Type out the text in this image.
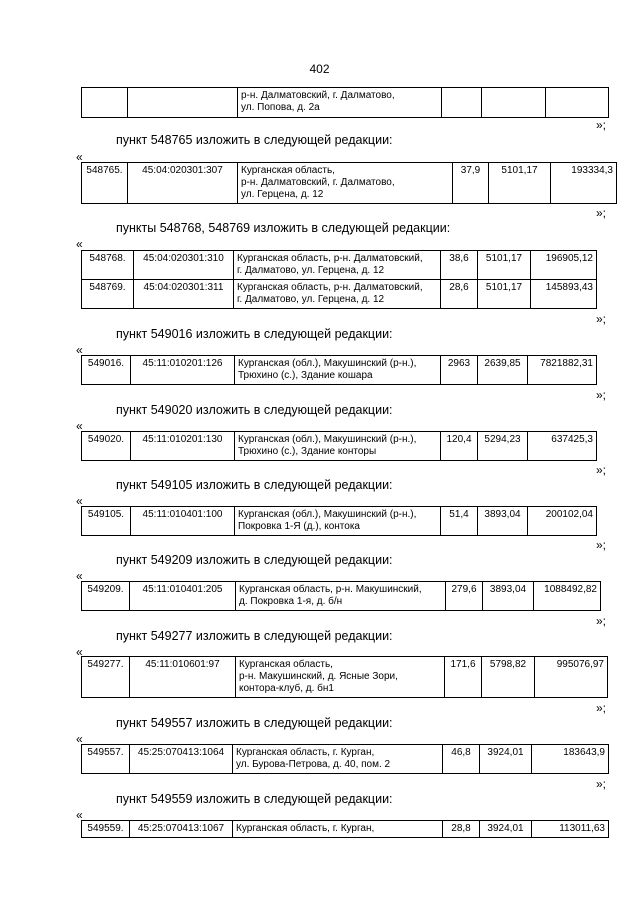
402

р-н. Далматовский, г. Далматово,
ул. Попова, д. 2а

»;
пункт 548765 изложить в следующей редакции:
«
548765.	45:04:020301:307	Курганская область,
р-н. Далматовский, г. Далматово,
ул. Герцена, д. 12
	37,9	5101,17	193334,3
»;
пункты 548768, 548769 изложить в следующей редакции:
«
548768.	45:04:020301:310	Курганская область, р-н. Далматовский,
г. Далматово, ул. Герцена, д. 12	38,6	5101,17	196905,12
548769.	45:04:020301:311	Курганская область, р-н. Далматовский,
г. Далматово, ул. Герцена, д. 12	28,6	5101,17	145893,43
»;
пункт 549016 изложить в следующей редакции:
«
549016.	45:11:010201:126	Курганская (обл.), Макушинский (р-н.),
Трюхино (с.), Здание кошара
	2963	2639,85	7821882,31
»;
пункт 549020 изложить в следующей редакции:
«
549020.	45:11:010201:130	Курганская (обл.), Макушинский (р-н.),
Трюхино (с.), Здание конторы
	120,4	5294,23	637425,3
»;
пункт 549105 изложить в следующей редакции:
«
549105.	45:11:010401:100	Курганская (обл.), Макушинский (р-н.),
Покровка 1-Я (д.), контока
	51,4	3893,04	200102,04
»;
пункт 549209 изложить в следующей редакции:
«
549209.	45:11:010401:205	Курганская область, р-н. Макушинский,
д. Покровка 1-я, д. б/н
	279,6	3893,04	1088492,82
»;
пункт 549277 изложить в следующей редакции:
«
549277.	45:11:010601:97	Курганская область,
р-н. Макушинский, д. Ясные Зори,
контора-клуб, д. бн1
	171,6	5798,82	995076,97
»;
пункт 549557 изложить в следующей редакции:
«
549557.	45:25:070413:1064	Курганская область, г. Курган,
ул. Бурова-Петрова, д. 40, пом. 2
	46,8	3924,01	183643,9
»;
пункт 549559 изложить в следующей редакции:
«
549559.	45:25:070413:1067	Курганская область, г. Курган,	28,8	3924,01	113011,63
